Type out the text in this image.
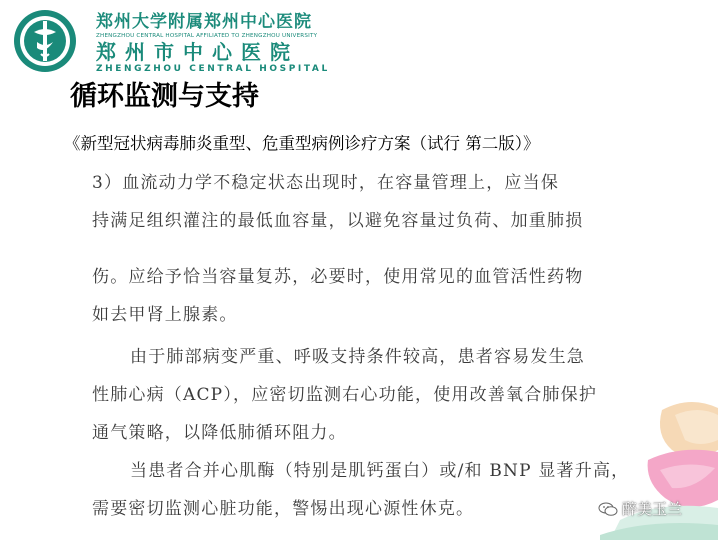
郑州大学附属郑州中心医院
ZHENGZHOU CENTRAL HOSPITAL AFFILIATED TO ZHENGZHOU UNIVERSITY
郑州市中心医院
ZHENGZHOU CENTRAL HOSPITAL
循环监测与支持
《新型冠状病毒肺炎重型、危重型病例诊疗方案（试行 第二版）》
3）血流动力学不稳定状态出现时，在容量管理上，应当保
持满足组织灌注的最低血容量，以避免容量过负荷、加重肺损
伤。应给予恰当容量复苏，必要时，使用常见的血管活性药物
如去甲肾上腺素。
由于肺部病变严重、呼吸支持条件较高，患者容易发生急
性肺心病（ACP），应密切监测右心功能，使用改善氧合肺保护
通气策略，以降低肺循环阻力。
当患者合并心肌酶（特别是肌钙蛋白）或/和 BNP 显著升高，
需要密切监测心脏功能，警惕出现心源性休克。	醉美玉兰
